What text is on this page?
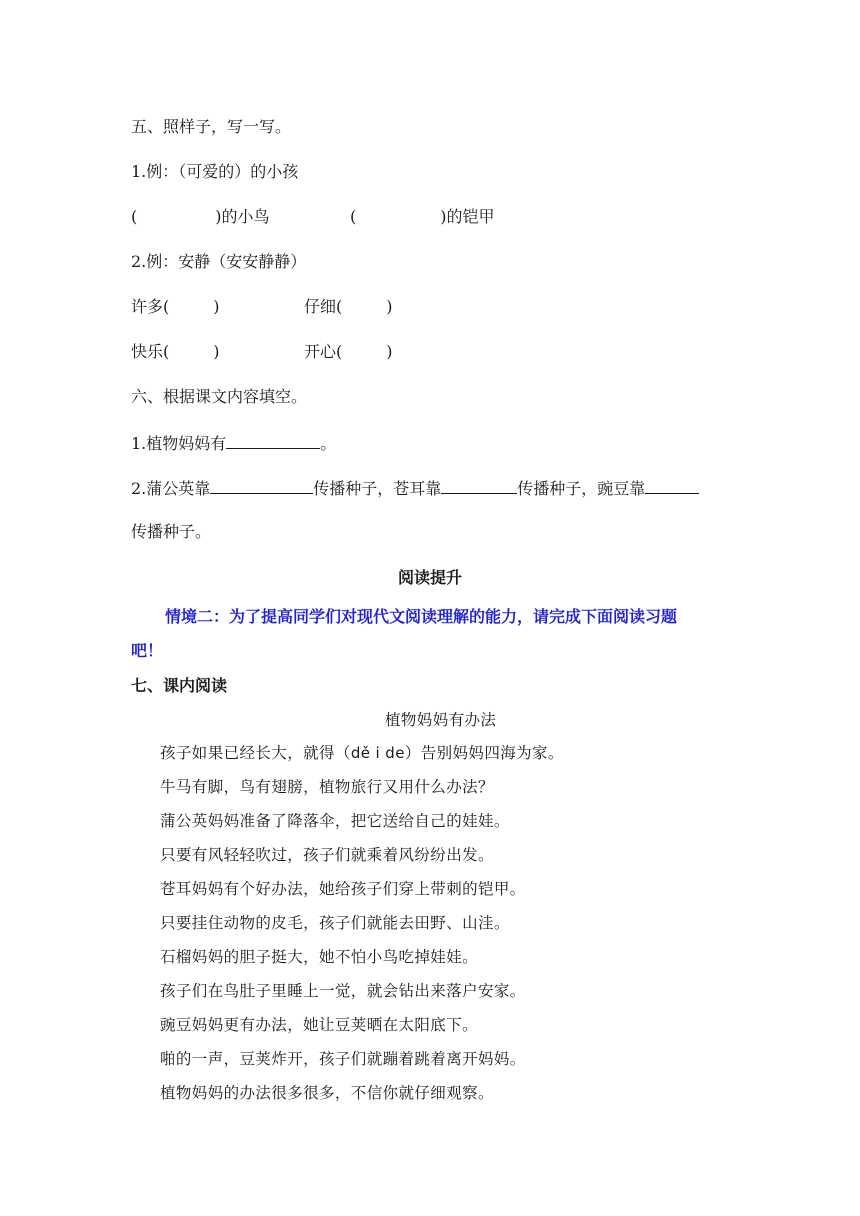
五、照样子，写一写。
1.例：（可爱的）的小孩
(	)的小鸟	(	)的铠甲
2.例：安静（安安静静）
许多(	)	仔细(	)
快乐(	)	开心(	)
六、根据课文内容填空。
1.植物妈妈有	。
2.蒲公英靠	传播种子，苍耳靠	传播种子，豌豆靠
传播种子。
阅读提升
情境二：为了提高同学们对现代文阅读理解的能力，请完成下面阅读习题
吧！
七、课内阅读
植物妈妈有办法
孩子如果已经长大，就得（dě i de）告别妈妈四海为家。
牛马有脚，鸟有翅膀，植物旅行又用什么办法？
蒲公英妈妈准备了降落伞，把它送给自己的娃娃。
只要有风轻轻吹过，孩子们就乘着风纷纷出发。
苍耳妈妈有个好办法，她给孩子们穿上带刺的铠甲。
只要挂住动物的皮毛，孩子们就能去田野、山洼。
石榴妈妈的胆子挺大，她不怕小鸟吃掉娃娃。
孩子们在鸟肚子里睡上一觉，就会钻出来落户安家。
豌豆妈妈更有办法，她让豆荚晒在太阳底下。
啪的一声，豆荚炸开，孩子们就蹦着跳着离开妈妈。
植物妈妈的办法很多很多，不信你就仔细观察。
